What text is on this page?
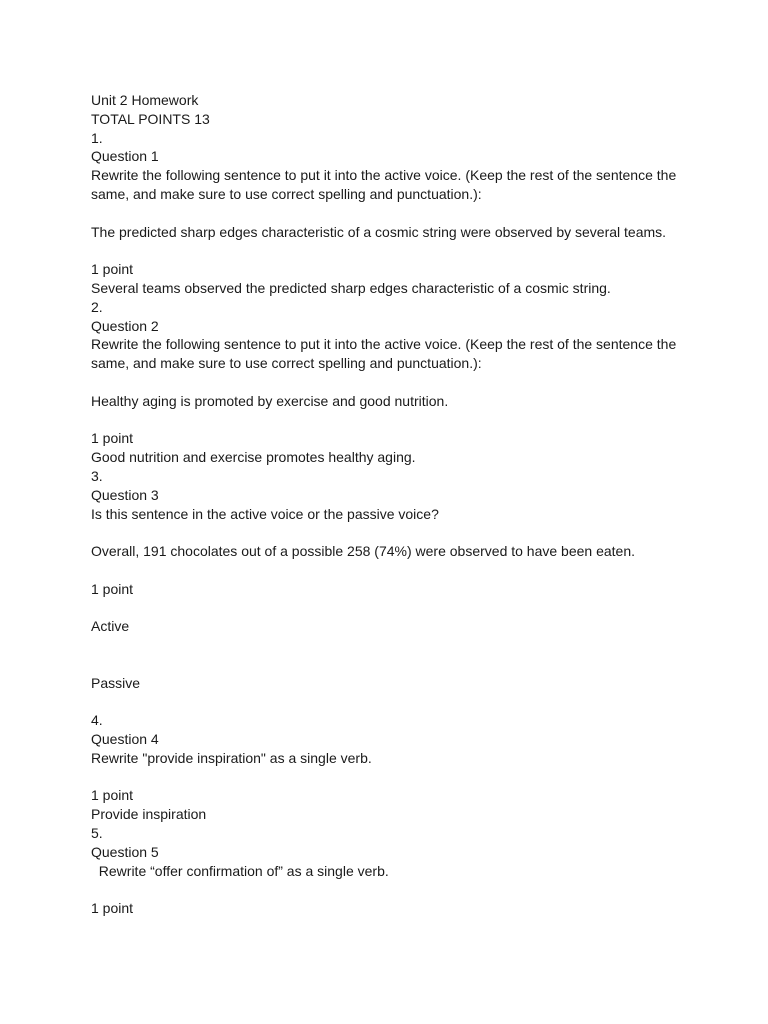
Unit 2 Homework
TOTAL POINTS 13
1.
Question 1
Rewrite the following sentence to put it into the active voice. (Keep the rest of the sentence the same, and make sure to use correct spelling and punctuation.):
The predicted sharp edges characteristic of a cosmic string were observed by several teams.
1 point
Several teams observed the predicted sharp edges characteristic of a cosmic string.
2.
Question 2
Rewrite the following sentence to put it into the active voice. (Keep the rest of the sentence the same, and make sure to use correct spelling and punctuation.):
Healthy aging is promoted by exercise and good nutrition.
1 point
Good nutrition and exercise promotes healthy aging.
3.
Question 3
Is this sentence in the active voice or the passive voice?
Overall, 191 chocolates out of a possible 258 (74%) were observed to have been eaten.
1 point
Active
Passive
4.
Question 4
Rewrite "provide inspiration" as a single verb.
1 point
Provide inspiration
5.
Question 5
Rewrite “offer confirmation of” as a single verb.
1 point
